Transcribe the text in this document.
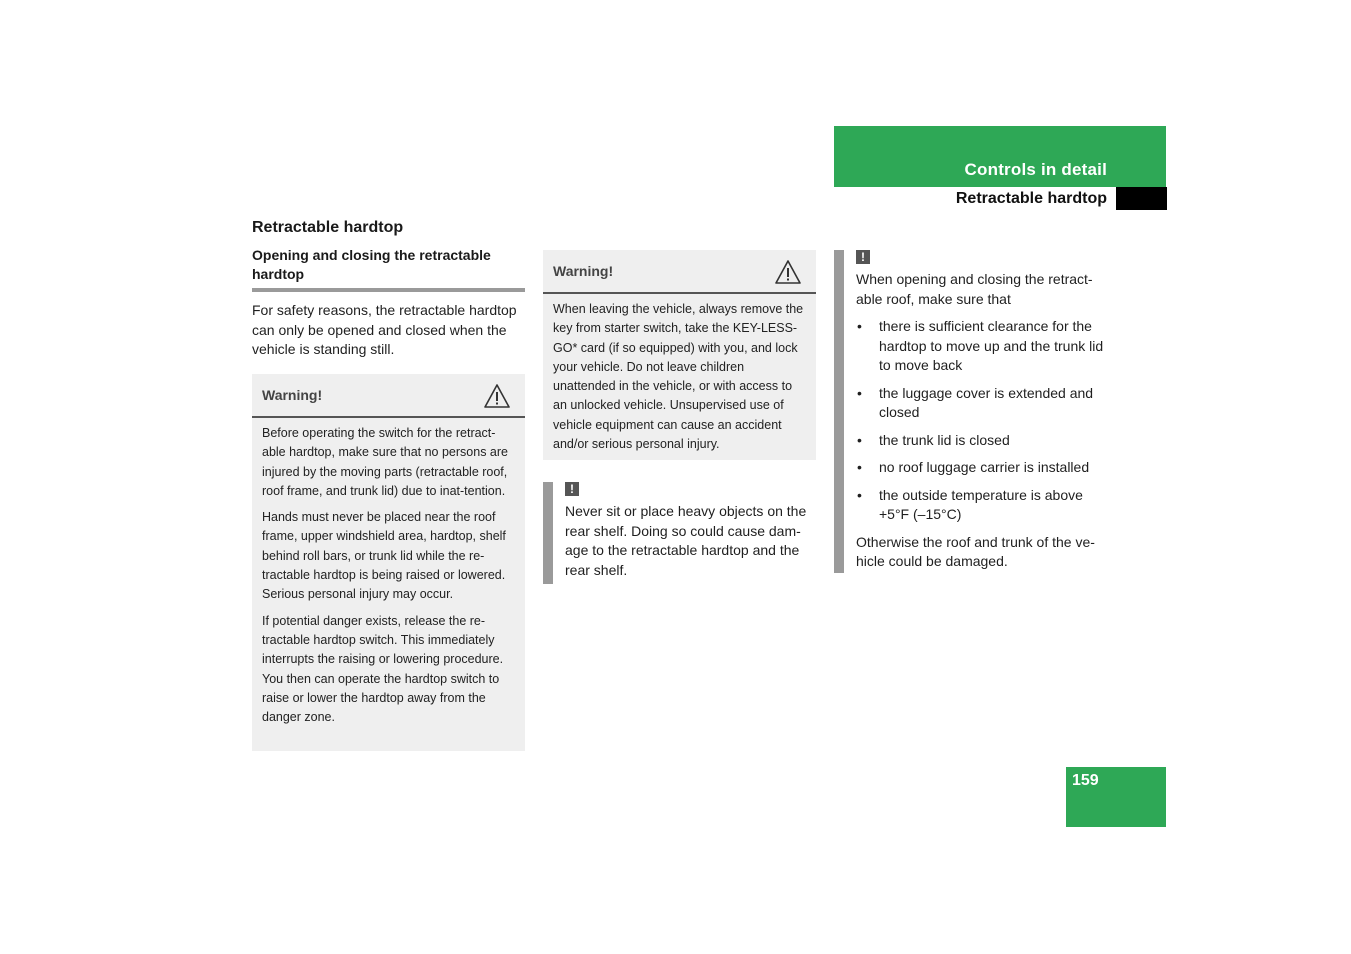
Controls in detail
Retractable hardtop
Retractable hardtop
Opening and closing the retractable hardtop
For safety reasons, the retractable hardtop can only be opened and closed when the vehicle is standing still.
Warning!

Before operating the switch for the retract-able hardtop, make sure that no persons are injured by the moving parts (retractable roof, roof frame, and trunk lid) due to inat-tention.

Hands must never be placed near the roof frame, upper windshield area, hardtop, shelf behind roll bars, or trunk lid while the re-tractable hardtop is being raised or lowered. Serious personal injury may occur.

If potential danger exists, release the re-tractable hardtop switch. This immediately interrupts the raising or lowering procedure. You then can operate the hardtop switch to raise or lower the hardtop away from the danger zone.

Warning!

When leaving the vehicle, always remove the key from starter switch, take the KEY-LESS-GO* card (if so equipped) with you, and lock your vehicle. Do not leave children unattended in the vehicle, or with access to an unlocked vehicle. Unsupervised use of vehicle equipment can cause an accident and/or serious personal injury.

!
Never sit or place heavy objects on the rear shelf. Doing so could cause dam-age to the retractable hardtop and the rear shelf.
!
When opening and closing the retract-able roof, make sure that
• there is sufficient clearance for the hardtop to move up and the trunk lid to move back
• the luggage cover is extended and closed
• the trunk lid is closed
• no roof luggage carrier is installed
• the outside temperature is above +5°F (–15°C)
Otherwise the roof and trunk of the ve-hicle could be damaged.
159
